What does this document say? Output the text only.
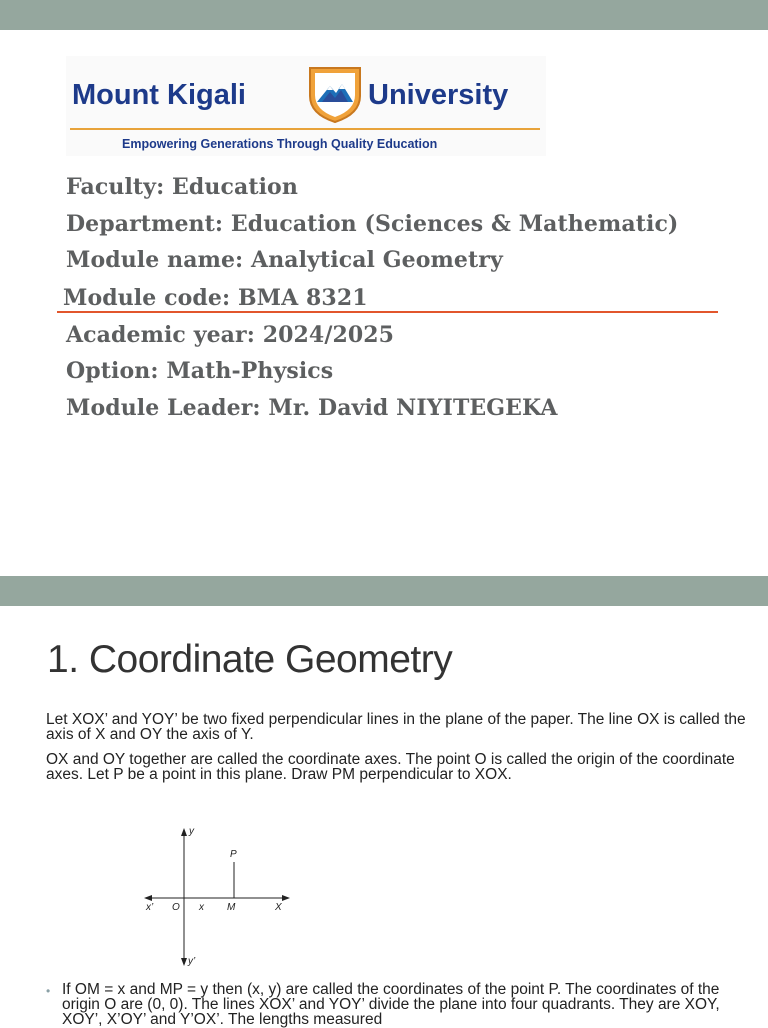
Mount Kigali	University
Empowering Generations Through Quality Education
Faculty: Education
Department: Education (Sciences & Mathematic)
Module name: Analytical Geometry
Module code: BMA 8321
Academic year: 2024/2025
Option: Math-Physics
Module Leader: Mr. David NIYITEGEKA
1. Coordinate Geometry
Let XOX’ and YOY’ be two fixed perpendicular lines in the plane of the paper. The line OX is called the axis of X and OY the axis of Y.
OX and OY together are called the coordinate axes. The point O is called the origin of the coordinate axes. Let P be a point in this plane. Draw PM perpendicular to XOX.
y
y’
x’ O x M	X
P
• If OM = x and MP = y then (x, y) are called the coordinates of the point P. The coordinates of the origin O are (0, 0). The lines XOX’ and YOY’ divide the plane into four quadrants. They are XOY, XOY’, X’OY’ and Y’OX’. The lengths measured
